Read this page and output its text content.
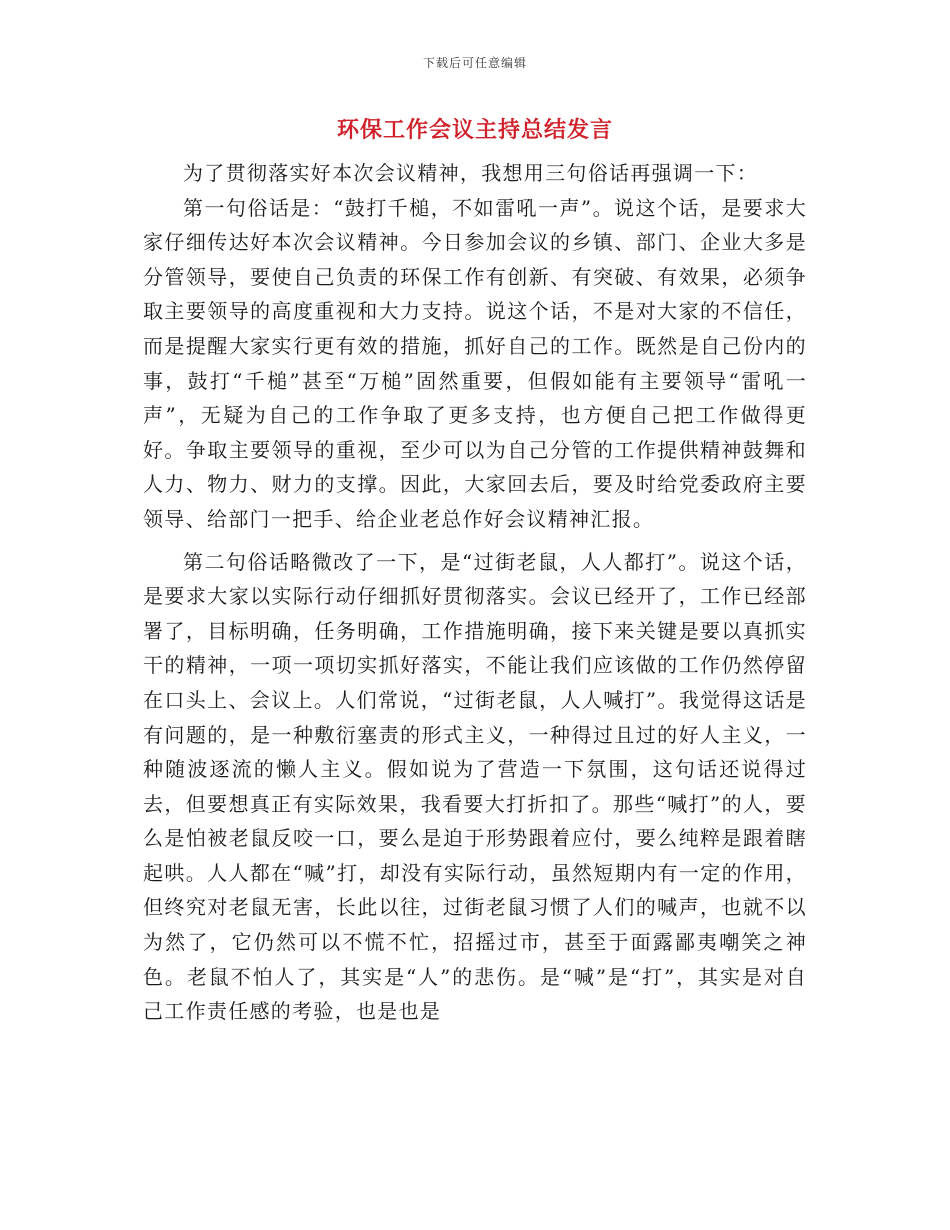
下载后可任意编辑
环保工作会议主持总结发言

为了贯彻落实好本次会议精神，我想用三句俗话再强调一下：

第一句俗话是：“鼓打千槌，不如雷吼一声”。说这个话，是要求大家仔细传达好本次会议精神。今日参加会议的乡镇、部门、企业大多是分管领导，要使自己负责的环保工作有创新、有突破、有效果，必须争取主要领导的高度重视和大力支持。说这个话，不是对大家的不信任，而是提醒大家实行更有效的措施，抓好自己的工作。既然是自己份内的事，鼓打“千槌”甚至“万槌”固然重要，但假如能有主要领导“雷吼一声”，无疑为自己的工作争取了更多支持，也方便自己把工作做得更好。争取主要领导的重视，至少可以为自己分管的工作提供精神鼓舞和人力、物力、财力的支撑。因此，大家回去后，要及时给党委政府主要领导、给部门一把手、给企业老总作好会议精神汇报。

第二句俗话略微改了一下，是“过街老鼠，人人都打”。说这个话，是要求大家以实际行动仔细抓好贯彻落实。会议已经开了，工作已经部署了，目标明确，任务明确，工作措施明确，接下来关键是要以真抓实干的精神，一项一项切实抓好落实，不能让我们应该做的工作仍然停留在口头上、会议上。人们常说，“过街老鼠，人人喊打”。我觉得这话是有问题的，是一种敷衍塞责的形式主义，一种得过且过的好人主义，一种随波逐流的懒人主义。假如说为了营造一下氛围，这句话还说得过去，但要想真正有实际效果，我看要大打折扣了。那些“喊打”的人，要么是怕被老鼠反咬一口，要么是迫于形势跟着应付，要么纯粹是跟着瞎起哄。人人都在“喊”打，却没有实际行动，虽然短期内有一定的作用，但终究对老鼠无害，长此以往，过街老鼠习惯了人们的喊声，也就不以为然了，它仍然可以不慌不忙，招摇过市，甚至于面露鄙夷嘲笑之神色。老鼠不怕人了，其实是“人”的悲伤。是“喊”是“打”，其实是对自己工作责任感的考验，也是也是
